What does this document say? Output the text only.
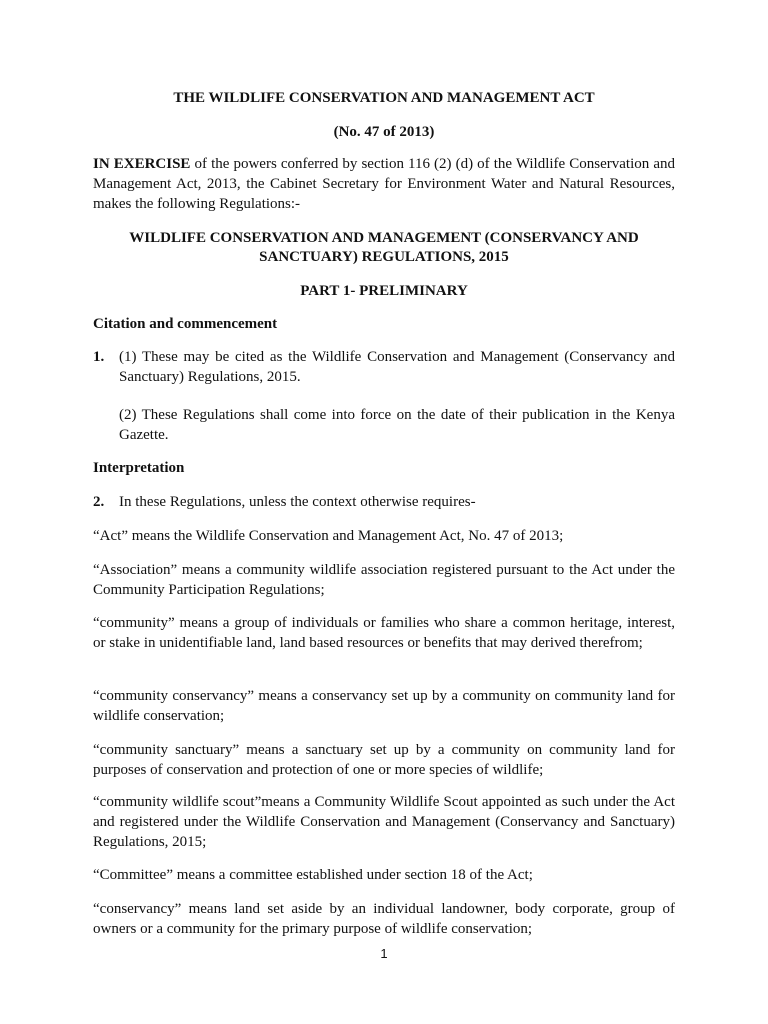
THE WILDLIFE CONSERVATION AND MANAGEMENT ACT
(No. 47 of 2013)
IN EXERCISE of the powers conferred by section 116 (2) (d) of the Wildlife Conservation and Management Act, 2013, the Cabinet Secretary for Environment Water and Natural Resources, makes the following Regulations:-
WILDLIFE CONSERVATION AND MANAGEMENT (CONSERVANCY AND
SANCTUARY) REGULATIONS, 2015
PART 1- PRELIMINARY
Citation and commencement
1. (1) These may be cited as the Wildlife Conservation and Management (Conservancy and Sanctuary) Regulations, 2015.
(2) These Regulations shall come into force on the date of their publication in the Kenya Gazette.
Interpretation
2. In these Regulations, unless the context otherwise requires-
“Act” means the Wildlife Conservation and Management Act, No. 47 of 2013;
“Association” means a community wildlife association registered pursuant to the Act under the Community Participation Regulations;
“community” means a group of individuals or families who share a common heritage, interest, or stake in unidentifiable land, land based resources or benefits that may derived therefrom;
“community conservancy” means a conservancy set up by a community on community land for wildlife conservation;
“community sanctuary” means a sanctuary set up by a community on community land for purposes of conservation and protection of one or more species of wildlife;
“community wildlife scout”means a Community Wildlife Scout appointed as such under the Act and registered under the Wildlife Conservation and Management (Conservancy and Sanctuary) Regulations, 2015;
“Committee” means a committee established under section 18 of the Act;
“conservancy” means land set aside by an individual landowner, body corporate, group of owners or a community for the primary purpose of wildlife conservation;
1
